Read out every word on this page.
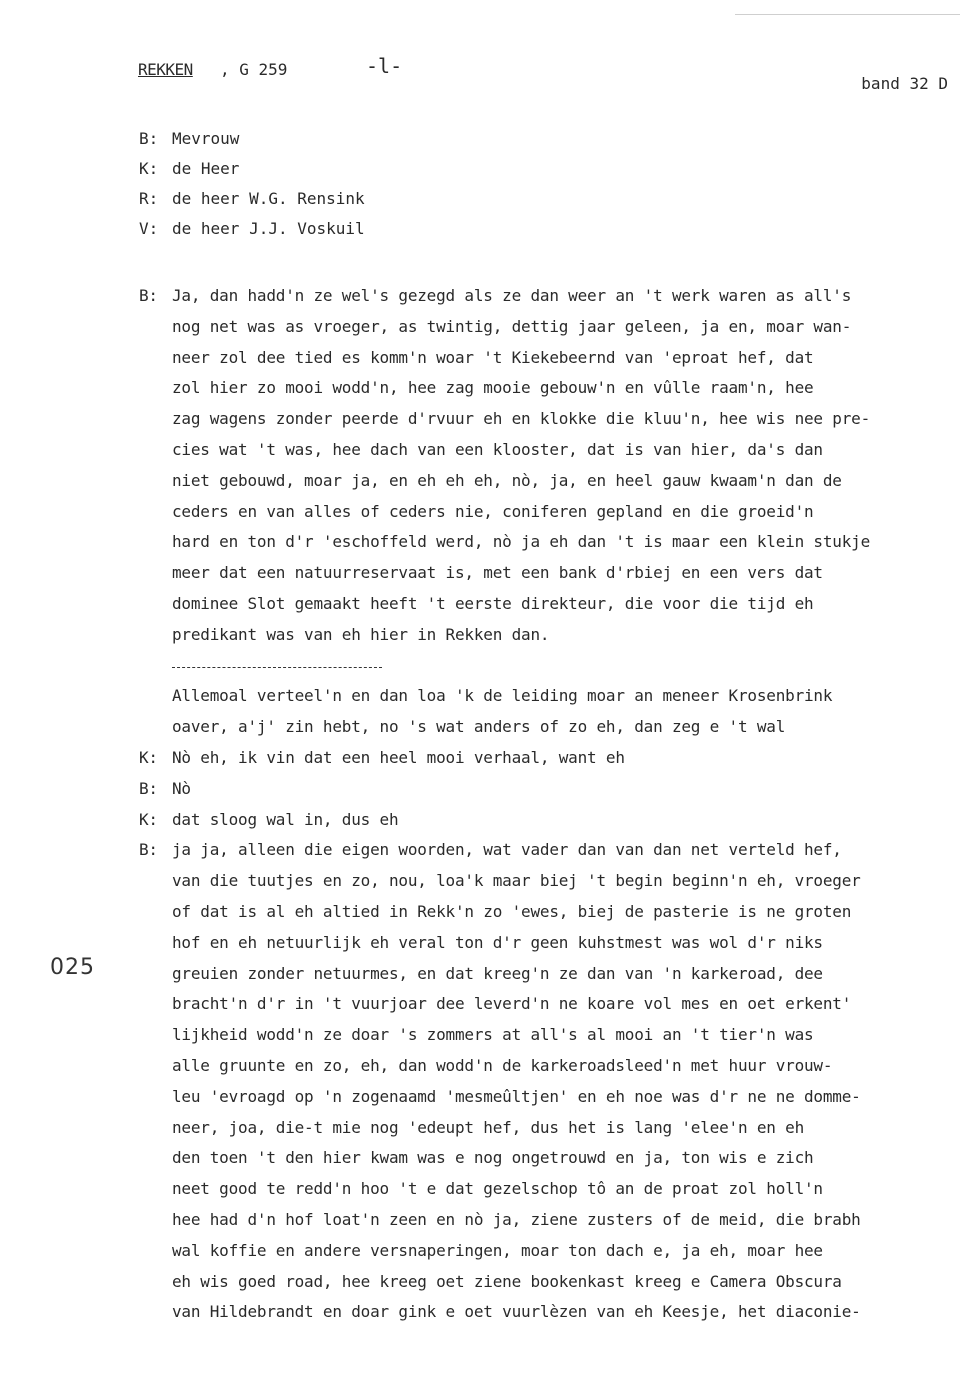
REKKEN , G 259	-l-
band 32 D
B: Mevrouw
K: de Heer
R: de heer W.G. Rensink
V: de heer J.J. Voskuil
B: Ja, dan hadd'n ze wel's gezegd als ze dan weer an 't werk waren as all's
nog net was as vroeger, as twintig, dettig jaar geleen, ja en, moar wan-
neer zol dee tied es komm'n woar 't Kiekebeernd van 'eproat hef, dat
zol hier zo mooi wodd'n, hee zag mooie gebouw'n en vûlle raam'n, hee
zag wagens zonder peerde d'rvuur eh en klokke die kluu'n, hee wis nee pre-
cies wat 't was, hee dach van een klooster, dat is van hier, da's dan
niet gebouwd, moar ja, en eh eh eh, nò, ja, en heel gauw kwaam'n dan de
ceders en van alles of ceders nie, coniferen gepland en die groeid'n
hard en ton d'r 'eschoffeld werd, nò ja eh dan 't is maar een klein stukje
meer dat een natuurreservaat is, met een bank d'rbiej en een vers dat
dominee Slot gemaakt heeft 't eerste direkteur, die voor die tijd eh
predikant was van eh hier in Rekken dan.
Allemoal verteel'n en dan loa 'k de leiding moar an meneer Krosenbrink
oaver, a'j' zin hebt, no 's wat anders of zo eh, dan zeg e 't wal
K: Nò eh, ik vin dat een heel mooi verhaal, want eh
B: Nò
K: dat sloog wal in, dus eh
B: ja ja, alleen die eigen woorden, wat vader dan van dan net verteld hef,
van die tuutjes en zo, nou, loa'k maar biej 't begin beginn'n eh, vroeger
of dat is al eh altied in Rekk'n zo 'ewes, biej de pasterie is ne groten
hof en eh netuurlijk eh veral ton d'r geen kuhstmest was wol d'r niks
greuien zonder netuurmes, en dat kreeg'n ze dan van 'n karkeroad, dee
bracht'n d'r in 't vuurjoar dee leverd'n ne koare vol mes en oet erkent'
lijkheid wodd'n ze doar 's zommers at all's al mooi an 't tier'n was
alle gruunte en zo, eh, dan wodd'n de karkeroadsleed'n met huur vrouw-
leu 'evroagd op 'n zogenaamd 'mesmeûltjen' en eh noe was d'r ne ne domme-
neer, joa, die-t mie nog 'edeupt hef, dus het is lang 'elee'n en eh
den toen 't den hier kwam was e nog ongetrouwd en ja, ton wis e zich
neet good te redd'n hoo 't e dat gezelschop tô an de proat zol holl'n
hee had d'n hof loat'n zeen en nò ja, ziene zusters of de meid, die brabh
wal koffie en andere versnaperingen, moar ton dach e, ja eh, moar hee
eh wis goed road, hee kreeg oet ziene bookenkast kreeg e Camera Obscura
van Hildebrandt en doar gink e oet vuurlèzen van eh Keesje, het diaconie-
025
